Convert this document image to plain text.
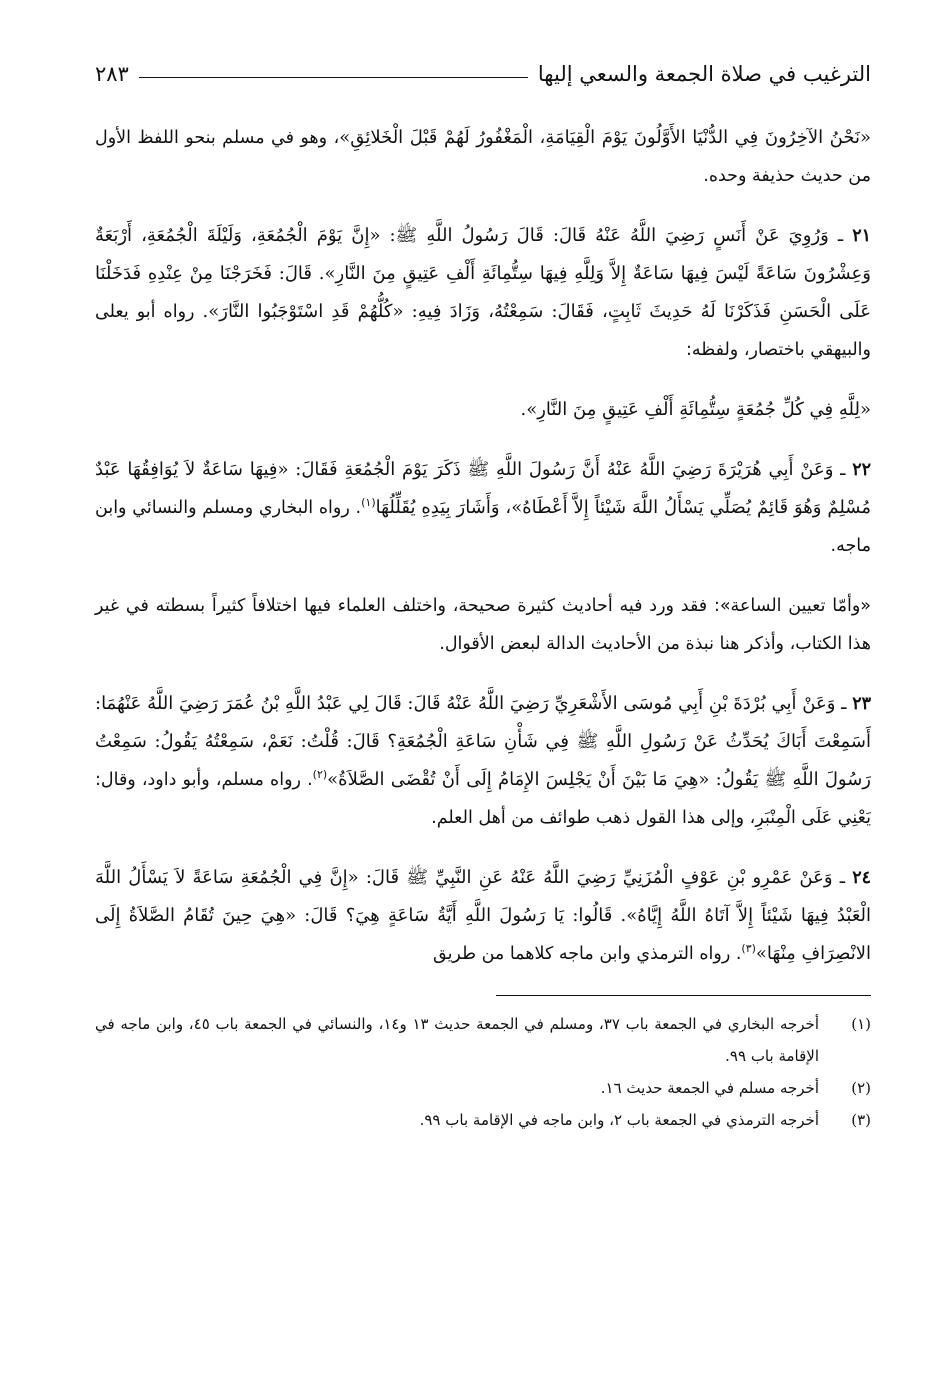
الترغيب في صلاة الجمعة والسعي إليها
٢٨٣

«نَحْنُ الآخِرُونَ فِي الدُّنْيَا الأَوَّلُونَ يَوْمَ الْقِيَامَةِ، الْمَغْفُورُ لَهُمْ قَبْلَ الْخَلائِقِ»، وهو في مسلم بنحو اللفظ الأول من حديث حذيفة وحده.

٢١ ـ وَرُوِيَ عَنْ أَنَسٍ رَضِيَ اللَّهُ عَنْهُ قَالَ: قَالَ رَسُولُ اللَّهِ ﷺ: «إِنَّ يَوْمَ الْجُمُعَةِ، وَلَيْلَةَ الْجُمُعَةِ، أَرْبَعَةٌ وَعِشْرُونَ سَاعَةً لَيْسَ فِيهَا سَاعَةٌ إِلاَّ وَلِلَّهِ فِيهَا سِتُّمِائَةِ أَلْفِ عَتِيقٍ مِنَ النَّارِ». قَالَ: فَخَرَجْنَا مِنْ عِنْدِهِ فَدَخَلْنَا عَلَى الْحَسَنِ فَذَكَرْنَا لَهُ حَدِيثَ ثَابِتٍ، فَقَالَ: سَمِعْتُهُ، وَزَادَ فِيهِ: «كُلُّهُمْ قَدِ اسْتَوْجَبُوا النَّارَ». رواه أبو يعلى والبيهقي باختصار، ولفظه:

«لِلَّهِ فِي كُلِّ جُمُعَةٍ سِتُّمِائَةِ أَلْفِ عَتِيقٍ مِنَ النَّارِ».

٢٢ ـ وَعَنْ أَبِي هُرَيْرَةَ رَضِيَ اللَّهُ عَنْهُ أَنَّ رَسُولَ اللَّهِ ﷺ ذَكَرَ يَوْمَ الْجُمُعَةِ فَقَالَ: «فِيهَا سَاعَةٌ لاَ يُوَافِقُهَا عَبْدٌ مُسْلِمٌ وَهُوَ قَائِمٌ يُصَلِّي يَسْأَلُ اللَّهَ شَيْئاً إِلاَّ أَعْطَاهُ»، وَأَشَارَ بِيَدِهِ يُقَلِّلُهَا$^{(١)}$. رواه البخاري ومسلم والنسائي وابن ماجه.

«وأمّا تعيين الساعة»: فقد ورد فيه أحاديث كثيرة صحيحة، واختلف العلماء فيها اختلافاً كثيراً بسطته في غير هذا الكتاب، وأذكر هنا نبذة من الأحاديث الدالة لبعض الأقوال.

٢٣ ـ وَعَنْ أَبِي بُرْدَةَ بْنِ أَبِي مُوسَى الأَشْعَرِيِّ رَضِيَ اللَّهُ عَنْهُ قَالَ: قَالَ لِي عَبْدُ اللَّهِ بْنُ عُمَرَ رَضِيَ اللَّهُ عَنْهُمَا: أَسَمِعْتَ أَبَاكَ يُحَدِّثُ عَنْ رَسُولِ اللَّهِ ﷺ فِي شَأْنِ سَاعَةِ الْجُمُعَةِ؟ قَالَ: قُلْتُ: نَعَمْ، سَمِعْتُهُ يَقُولُ: سَمِعْتُ رَسُولَ اللَّهِ ﷺ يَقُولُ: «هِيَ مَا بَيْنَ أَنْ يَجْلِسَ الإِمَامُ إِلَى أَنْ تُقْضَى الصَّلاَةُ»$^{(٢)}$. رواه مسلم، وأبو داود، وقال: يَعْنِي عَلَى الْمِنْبَرِ، وإلى هذا القول ذهب طوائف من أهل العلم.

٢٤ ـ وَعَنْ عَمْرِو بْنِ عَوْفٍ الْمُزَنِيِّ رَضِيَ اللَّهُ عَنْهُ عَنِ النَّبِيِّ ﷺ قَالَ: «إِنَّ فِي الْجُمُعَةِ سَاعَةً لاَ يَسْأَلُ اللَّهَ الْعَبْدُ فِيهَا شَيْئاً إِلاَّ آتَاهُ اللَّهُ إِيَّاهُ». قَالُوا: يَا رَسُولَ اللَّهِ أَيَّةُ سَاعَةٍ هِيَ؟ قَالَ: «هِيَ حِينَ تُقَامُ الصَّلاَةُ إِلَى الانْصِرَافِ مِنْهَا»$^{(٣)}$. رواه الترمذي وابن ماجه كلاهما من طريق

(١)
أخرجه البخاري في الجمعة باب ٣٧، ومسلم في الجمعة حديث ١٣ و١٤، والنسائي في الجمعة باب ٤٥، وابن ماجه في الإقامة باب ٩٩.
(٢)
أخرجه مسلم في الجمعة حديث ١٦.
(٣)
أخرجه الترمذي في الجمعة باب ٢، وابن ماجه في الإقامة باب ٩٩.
